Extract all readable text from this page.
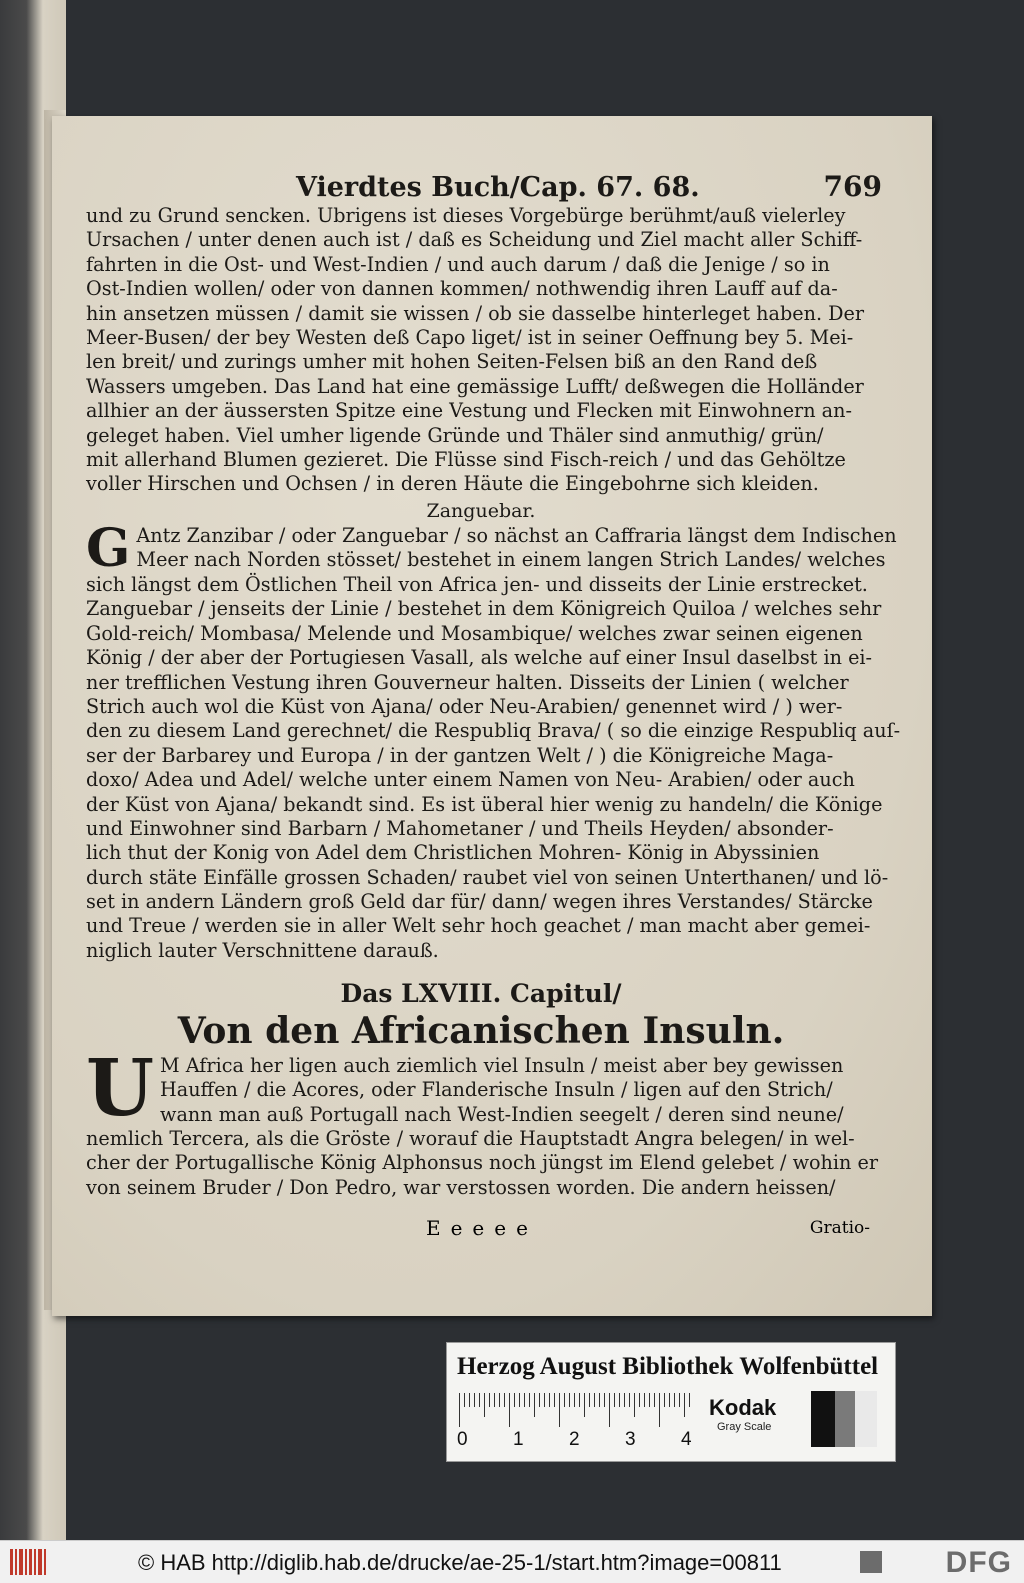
Vierdtes Buch/Cap. 67. 68.	769
und zu Grund sencken. Ubrigens ist dieses Vorgebürge berühmt/auß vielerley
Ursachen / unter denen auch ist / daß es Scheidung und Ziel macht aller Schiff-
fahrten in die Ost- und West-Indien / und auch darum / daß die Jenige / so in
Ost-Indien wollen/ oder von dannen kommen/ nothwendig ihren Lauff auf da-
hin ansetzen müssen / damit sie wissen / ob sie dasselbe hinterleget haben. Der
Meer-Busen/ der bey Westen deß Capo liget/ ist in seiner Oeffnung bey 5. Mei-
len breit/ und zurings umher mit hohen Seiten-Felsen biß an den Rand deß
Wassers umgeben. Das Land hat eine gemässige Lufft/ deßwegen die Holländer
allhier an der äussersten Spitze eine Vestung und Flecken mit Einwohnern an-
geleget haben. Viel umher ligende Gründe und Thäler sind anmuthig/ grün/
mit allerhand Blumen gezieret. Die Flüsse sind Fisch-reich / und das Gehöltze
voller Hirschen und Ochsen / in deren Häute die Eingebohrne sich kleiden.
Zanguebar.
G Antz Zanzibar / oder Zanguebar / so nächst an Caffraria längst dem Indischen
Meer nach Norden stösset/ bestehet in einem langen Strich Landes/ welches
sich längst dem Östlichen Theil von Africa jen- und disseits der Linie erstrecket.
Zanguebar / jenseits der Linie / bestehet in dem Königreich Quiloa / welches sehr
Gold-reich/ Mombasa/ Melende und Mosambique/ welches zwar seinen eigenen
König / der aber der Portugiesen Vasall, als welche auf einer Insul daselbst in ei-
ner trefflichen Vestung ihren Gouverneur halten. Disseits der Linien ( welcher
Strich auch wol die Küst von Ajana/ oder Neu-Arabien/ genennet wird / ) wer-
den zu diesem Land gerechnet/ die Respubliq Brava/ ( so die einzige Respubliq auſ-
ser der Barbarey und Europa / in der gantzen Welt / ) die Königreiche Maga-
doxo/ Adea und Adel/ welche unter einem Namen von Neu- Arabien/ oder auch
der Küst von Ajana/ bekandt sind. Es ist überal hier wenig zu handeln/ die Könige
und Einwohner sind Barbarn / Mahometaner / und Theils Heyden/ absonder-
lich thut der Konig von Adel dem Christlichen Mohren- König in Abyssinien
durch stäte Einfälle grossen Schaden/ raubet viel von seinen Unterthanen/ und lö-
set in andern Ländern groß Geld dar für/ dann/ wegen ihres Verstandes/ Stärcke
und Treue / werden sie in aller Welt sehr hoch geachet / man macht aber gemei-
niglich lauter Verschnittene darauß.
Das LXVIII. Capitul/
Von den Africanischen Insuln.
U M Africa her ligen auch ziemlich viel Insuln / meist aber bey gewissen
Hauffen / die Acores, oder Flanderische Insuln / ligen auf den Strich/
wann man auß Portugall nach West-Indien seegelt / deren sind neune/
nemlich Tercera, als die Gröste / worauf die Hauptstadt Angra belegen/ in wel-
cher der Portugallische König Alphonsus noch jüngst im Elend gelebet / wohin er
von seinem Bruder / Don Pedro, war verstossen worden. Die andern heissen/
Eeeee	Gratio-
Herzog August Bibliothek Wolfenbüttel
0 1 2 3 4
Kodak
Gray Scale
© HAB http://diglib.hab.de/drucke/ae-25-1/start.htm?image=00811	DFG
